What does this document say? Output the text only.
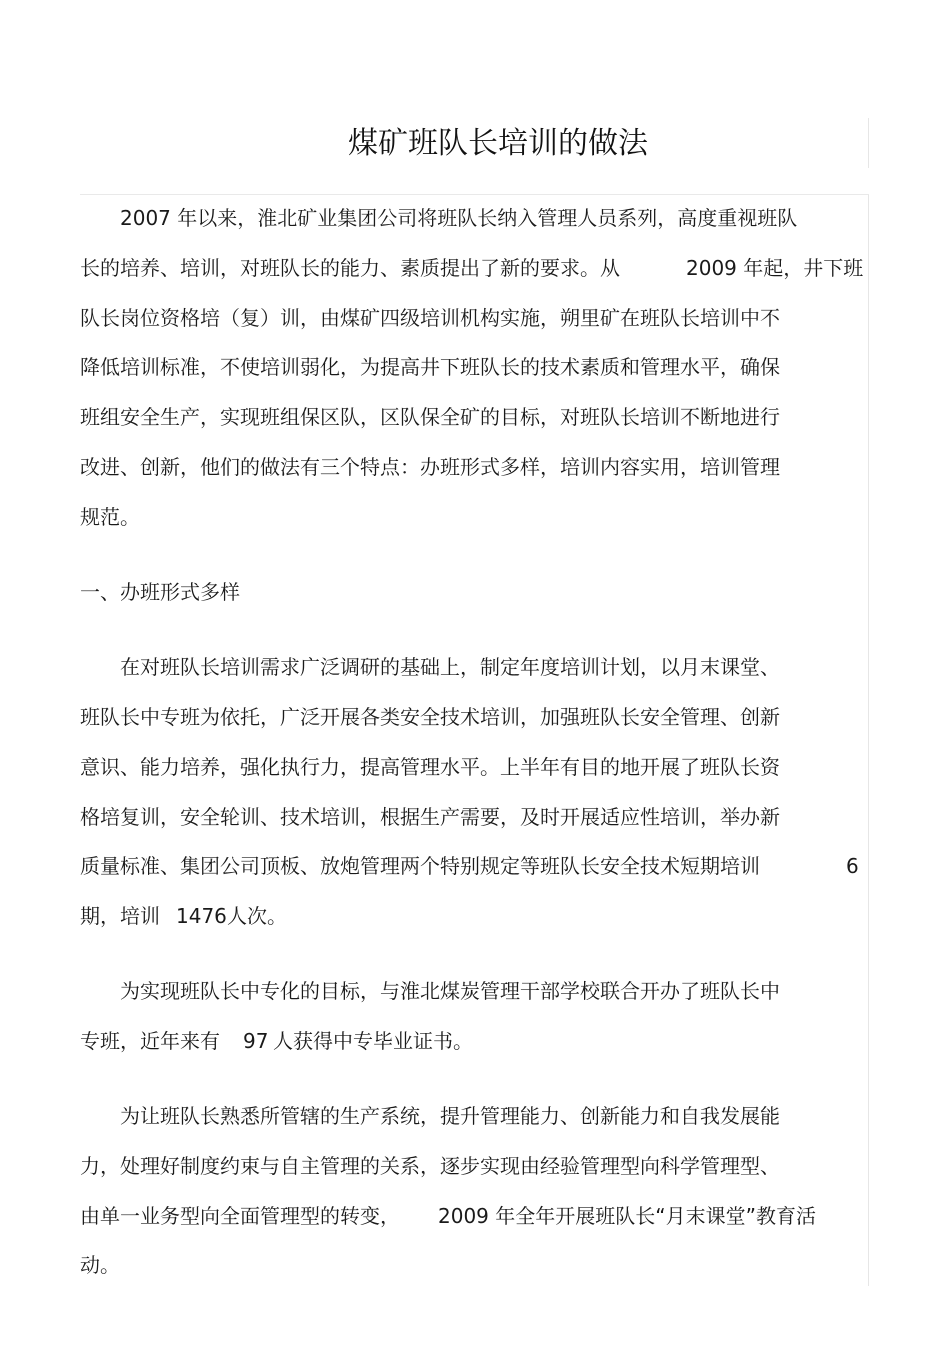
煤矿班队长培训的做法
2007 年以来，淮北矿业集团公司将班队长纳入管理人员系列，高度重视班队
长的培养、培训，对班队长的能力、素质提出了新的要求。从	2009 年起，井下班
队长岗位资格培（复）训，由煤矿四级培训机构实施，朔里矿在班队长培训中不
降低培训标准，不使培训弱化，为提高井下班队长的技术素质和管理水平，确保
班组安全生产，实现班组保区队，区队保全矿的目标，对班队长培训不断地进行
改进、创新，他们的做法有三个特点：办班形式多样，培训内容实用，培训管理
规范。
一、办班形式多样
在对班队长培训需求广泛调研的基础上，制定年度培训计划，以月末课堂、
班队长中专班为依托，广泛开展各类安全技术培训，加强班队长安全管理、创新
意识、能力培养，强化执行力，提高管理水平。上半年有目的地开展了班队长资
格培复训，安全轮训、技术培训，根据生产需要，及时开展适应性培训，举办新
质量标准、集团公司顶板、放炮管理两个特别规定等班队长安全技术短期培训	6
期，培训 1476 人次。
为实现班队长中专化的目标，与淮北煤炭管理干部学校联合开办了班队长中
专班，近年来有 97 人获得中专毕业证书。
为让班队长熟悉所管辖的生产系统，提升管理能力、创新能力和自我发展能
力，处理好制度约束与自主管理的关系，逐步实现由经验管理型向科学管理型、
由单一业务型向全面管理型的转变， 2009 年全年开展班队长“月末课堂”教育活
动。
